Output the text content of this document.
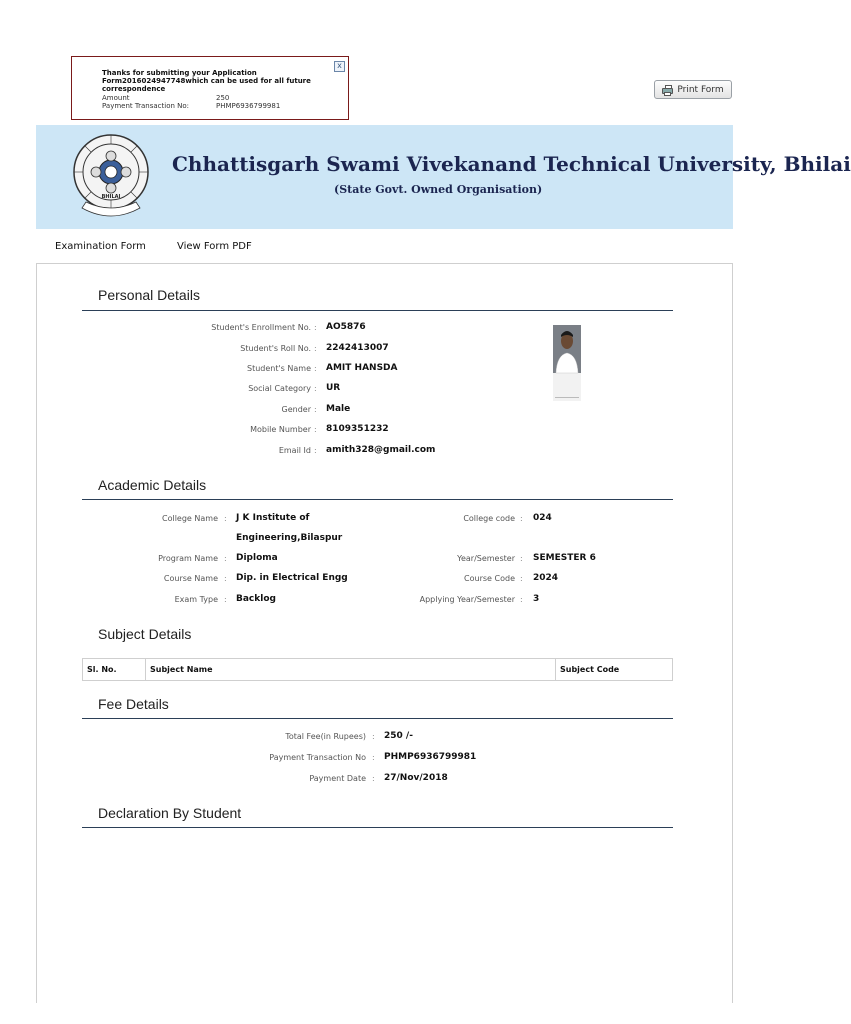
Thanks for submitting your Application Form2016024947748which can be used for all future correspondence
Amount	250
Payment Transaction No:	PHMP6936799981
x
Print Form
BHILAI
Chhattisgarh Swami Vivekanand Technical University, Bhilai
(State Govt. Owned Organisation)
Examination Form	View Form PDF
Personal Details
Student's Enrollment No. : AO5876
Student's Roll No. : 2242413007
Student's Name : AMIT HANSDA
Social Category : UR
Gender : Male
Mobile Number : 8109351232
Email Id : amith328@gmail.com
Academic Details
College Name : J K Institute of
Engineering,Bilaspur
Program Name : Diploma
Course Name : Dip. in Electrical Engg
Exam Type : Backlog
College code : 024
Year/Semester : SEMESTER 6
Course Code : 2024
Applying Year/Semester : 3
Subject Details
Sl. No.	Subject Name	Subject Code
Fee Details
Total Fee(in Rupees) : 250 /-
Payment Transaction No : PHMP6936799981
Payment Date : 27/Nov/2018
Declaration By Student
